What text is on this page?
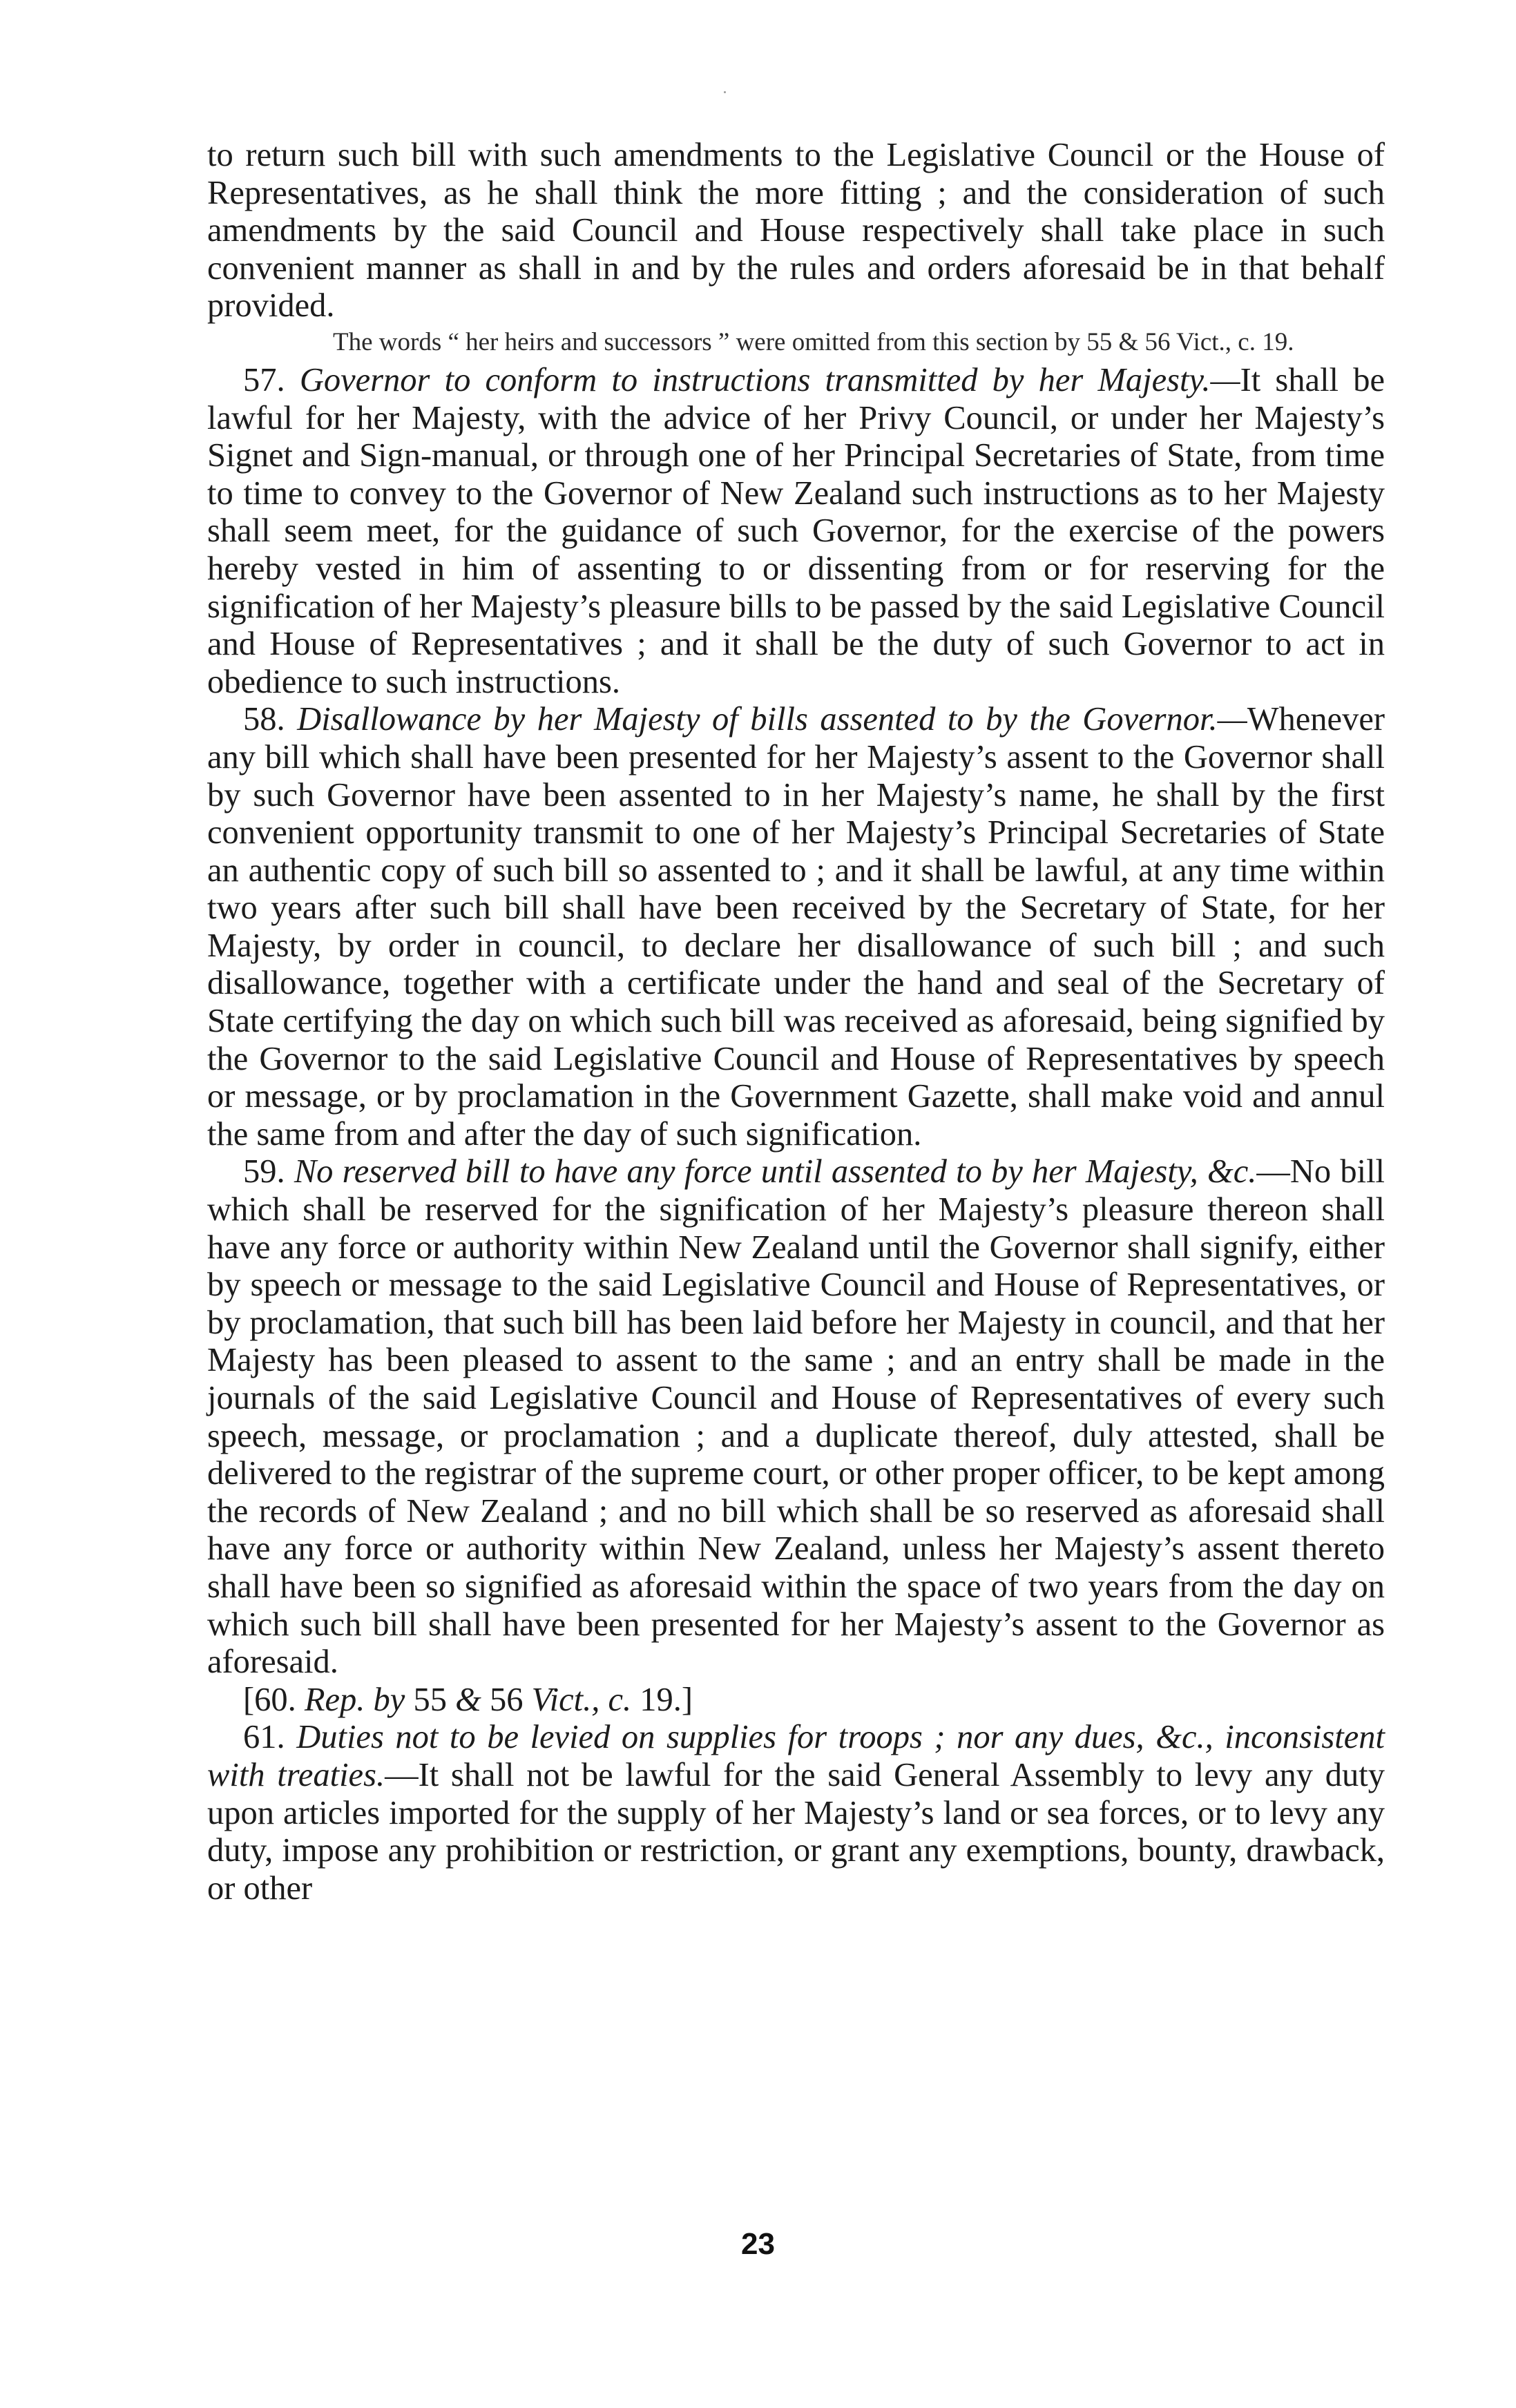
to return such bill with such amendments to the Legislative Council or the House of Representatives, as he shall think the more fitting ; and the consideration of such amendments by the said Council and House respectively shall take place in such convenient manner as shall in and by the rules and orders aforesaid be in that behalf provided.

The words “ her heirs and successors ” were omitted from this section by 55 & 56 Vict., c. 19.

57. Governor to conform to instructions transmitted by her Majesty.—It shall be lawful for her Majesty, with the advice of her Privy Council, or under her Majesty’s Signet and Sign-manual, or through one of her Principal Secretaries of State, from time to time to convey to the Governor of New Zealand such instructions as to her Majesty shall seem meet, for the guidance of such Governor, for the exercise of the powers hereby vested in him of assenting to or dissenting from or for reserving for the signification of her Majesty’s pleasure bills to be passed by the said Legislative Council and House of Representatives ; and it shall be the duty of such Governor to act in obedience to such instructions.

58. Disallowance by her Majesty of bills assented to by the Governor.—Whenever any bill which shall have been presented for her Majesty’s assent to the Governor shall by such Governor have been assented to in her Majesty’s name, he shall by the first convenient opportunity transmit to one of her Majesty’s Principal Secretaries of State an authentic copy of such bill so assented to ; and it shall be lawful, at any time within two years after such bill shall have been received by the Secretary of State, for her Majesty, by order in council, to declare her disallowance of such bill ; and such disallowance, together with a certificate under the hand and seal of the Secretary of State certifying the day on which such bill was received as aforesaid, being signified by the Governor to the said Legislative Council and House of Representatives by speech or message, or by proclamation in the Government Gazette, shall make void and annul the same from and after the day of such signification.

59. No reserved bill to have any force until assented to by her Majesty, &c.—No bill which shall be reserved for the signification of her Majesty’s pleasure thereon shall have any force or authority within New Zealand until the Governor shall signify, either by speech or message to the said Legislative Council and House of Representatives, or by proclamation, that such bill has been laid before her Majesty in council, and that her Majesty has been pleased to assent to the same ; and an entry shall be made in the journals of the said Legislative Council and House of Representatives of every such speech, message, or proclamation ; and a duplicate thereof, duly attested, shall be delivered to the registrar of the supreme court, or other proper officer, to be kept among the records of New Zealand ; and no bill which shall be so reserved as aforesaid shall have any force or authority within New Zealand, unless her Majesty’s assent thereto shall have been so signified as aforesaid within the space of two years from the day on which such bill shall have been presented for her Majesty’s assent to the Governor as aforesaid.

[60. Rep. by 55 & 56 Vict., c. 19.]

61. Duties not to be levied on supplies for troops ; nor any dues, &c., inconsistent with treaties.—It shall not be lawful for the said General Assembly to levy any duty upon articles imported for the supply of her Majesty’s land or sea forces, or to levy any duty, impose any prohibition or restriction, or grant any exemptions, bounty, drawback, or other

23
